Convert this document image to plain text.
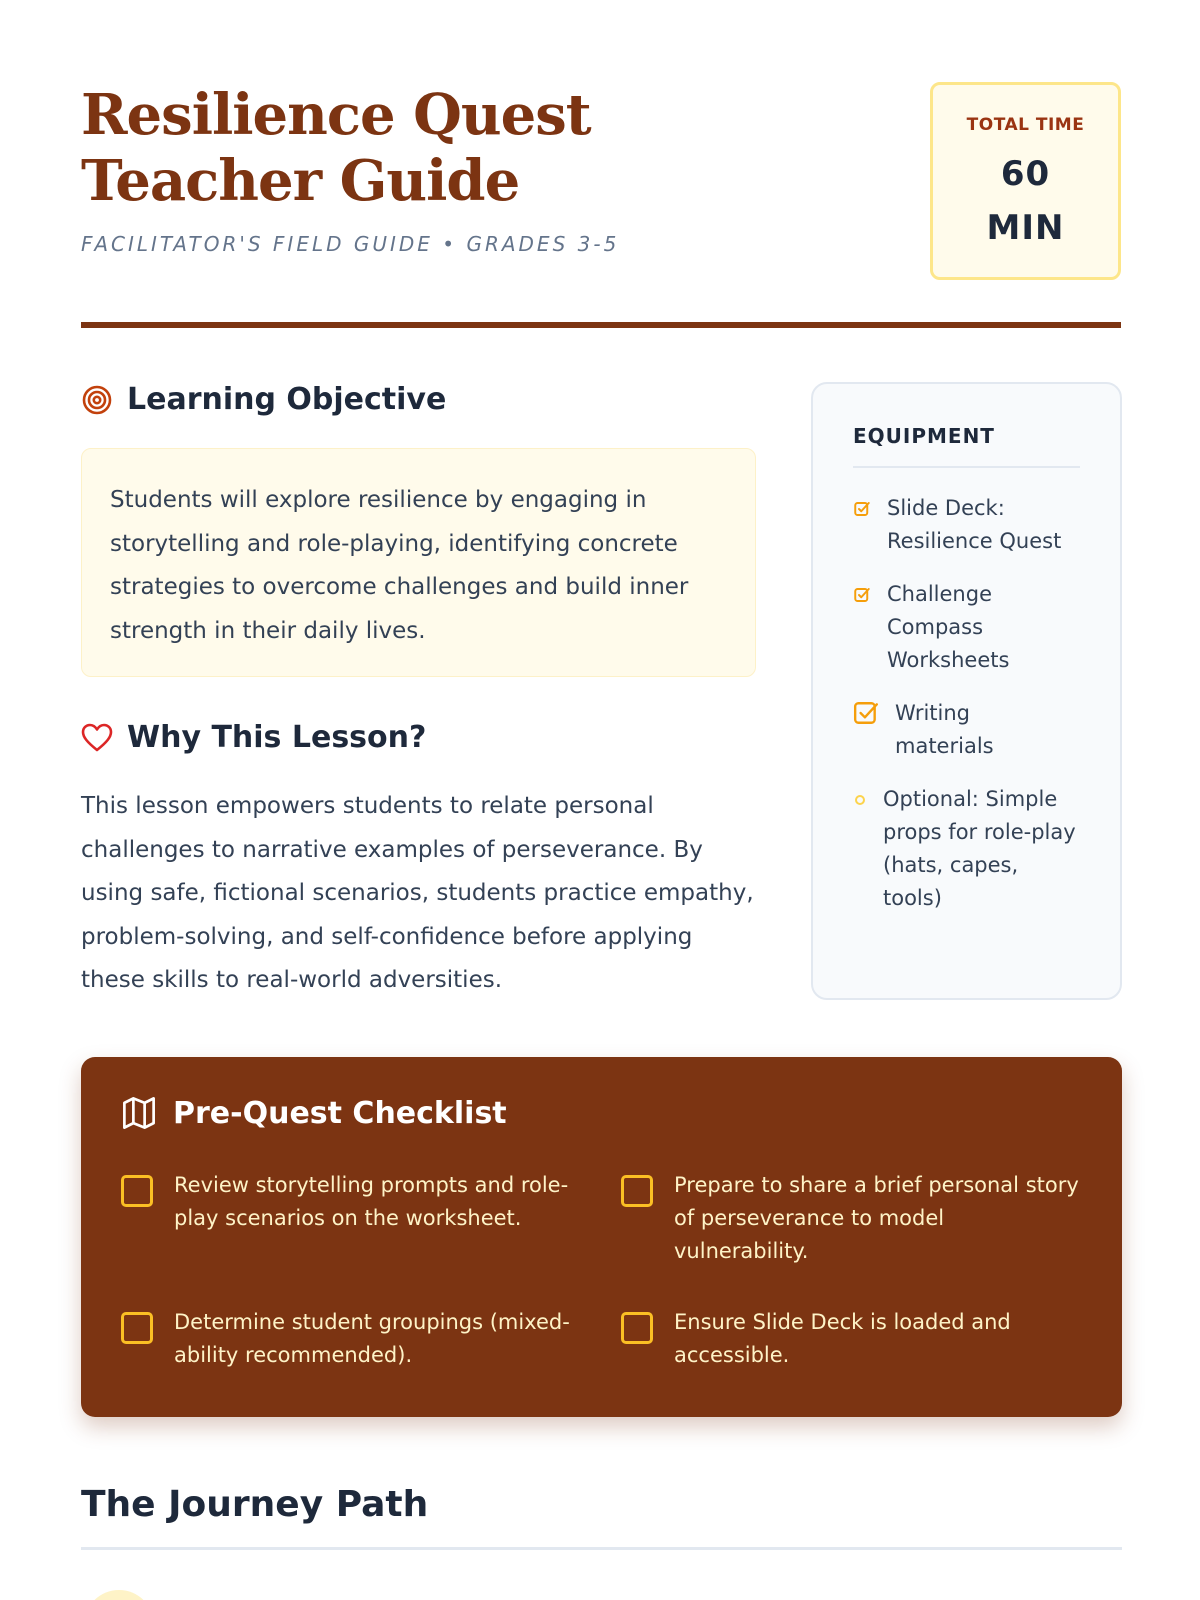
Resilience Quest Teacher Guide
FACILITATOR'S FIELD GUIDE • GRADES 3-5
TOTAL TIME
60
MIN
Learning Objective
Students will explore resilience by engaging in storytelling and role-playing, identifying concrete strategies to overcome challenges and build inner strength in their daily lives.
Why This Lesson?
This lesson empowers students to relate personal challenges to narrative examples of perseverance. By using safe, fictional scenarios, students practice empathy, problem-solving, and self-confidence before applying these skills to real-world adversities.
EQUIPMENT
Slide Deck: Resilience Quest
Challenge Compass Worksheets
Writing materials
Optional: Simple props for role-play (hats, capes, tools)
Pre-Quest Checklist
Review storytelling prompts and role-play scenarios on the worksheet.
Prepare to share a brief personal story of perseverance to model vulnerability.
Determine student groupings (mixed-ability recommended).
Ensure Slide Deck is loaded and accessible.
The Journey Path
